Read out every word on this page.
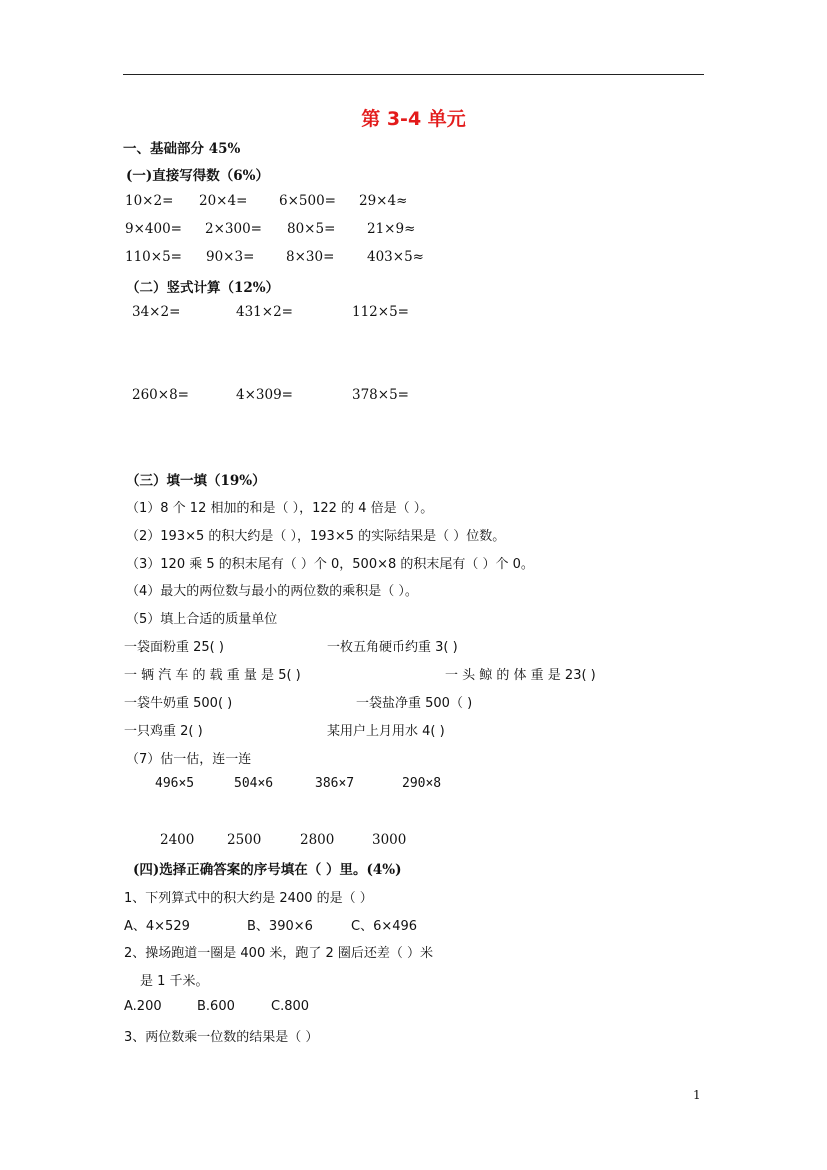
第 3-4 单元
一、基础部分 45%
(一)直接写得数（6%）
10×2= 20×4= 6×500= 29×4≈
9×400= 2×300= 80×5= 21×9≈
110×5= 90×3= 8×30= 403×5≈
（二）竖式计算（12%）
34×2=	431×2=	112×5=
260×8=	4×309=	378×5=
（三）填一填（19%）
（1）8 个 12 相加的和是（ ），122 的 4 倍是（ ）。
（2）193×5 的积大约是（ ），193×5 的实际结果是（ ）位数。
（3）120 乘 5 的积末尾有（ ）个 0，500×8 的积末尾有（ ）个 0。
（4）最大的两位数与最小的两位数的乘积是（ ）。
（5）填上合适的质量单位
一袋面粉重 25( )	一枚五角硬币约重 3( )
一 辆 汽 车 的 载 重 量 是 5( )	一 头 鲸 的 体 重 是 23( )
一袋牛奶重 500( )	一袋盐净重 500（ )
一只鸡重 2( )	某用户上月用水 4( )
（7）估一估，连一连
496×5	504×6	386×7	290×8
2400 2500	2800	3000
(四)选择正确答案的序号填在（ ）里。(4%)
1、下列算式中的积大约是 2400 的是（ ）
A、4×529	B、390×6	C、6×496
2、操场跑道一圈是 400 米，跑了 2 圈后还差（ ）米
是 1 千米。
A.200	B.600	C.800
3、两位数乘一位数的结果是（ ）
1
